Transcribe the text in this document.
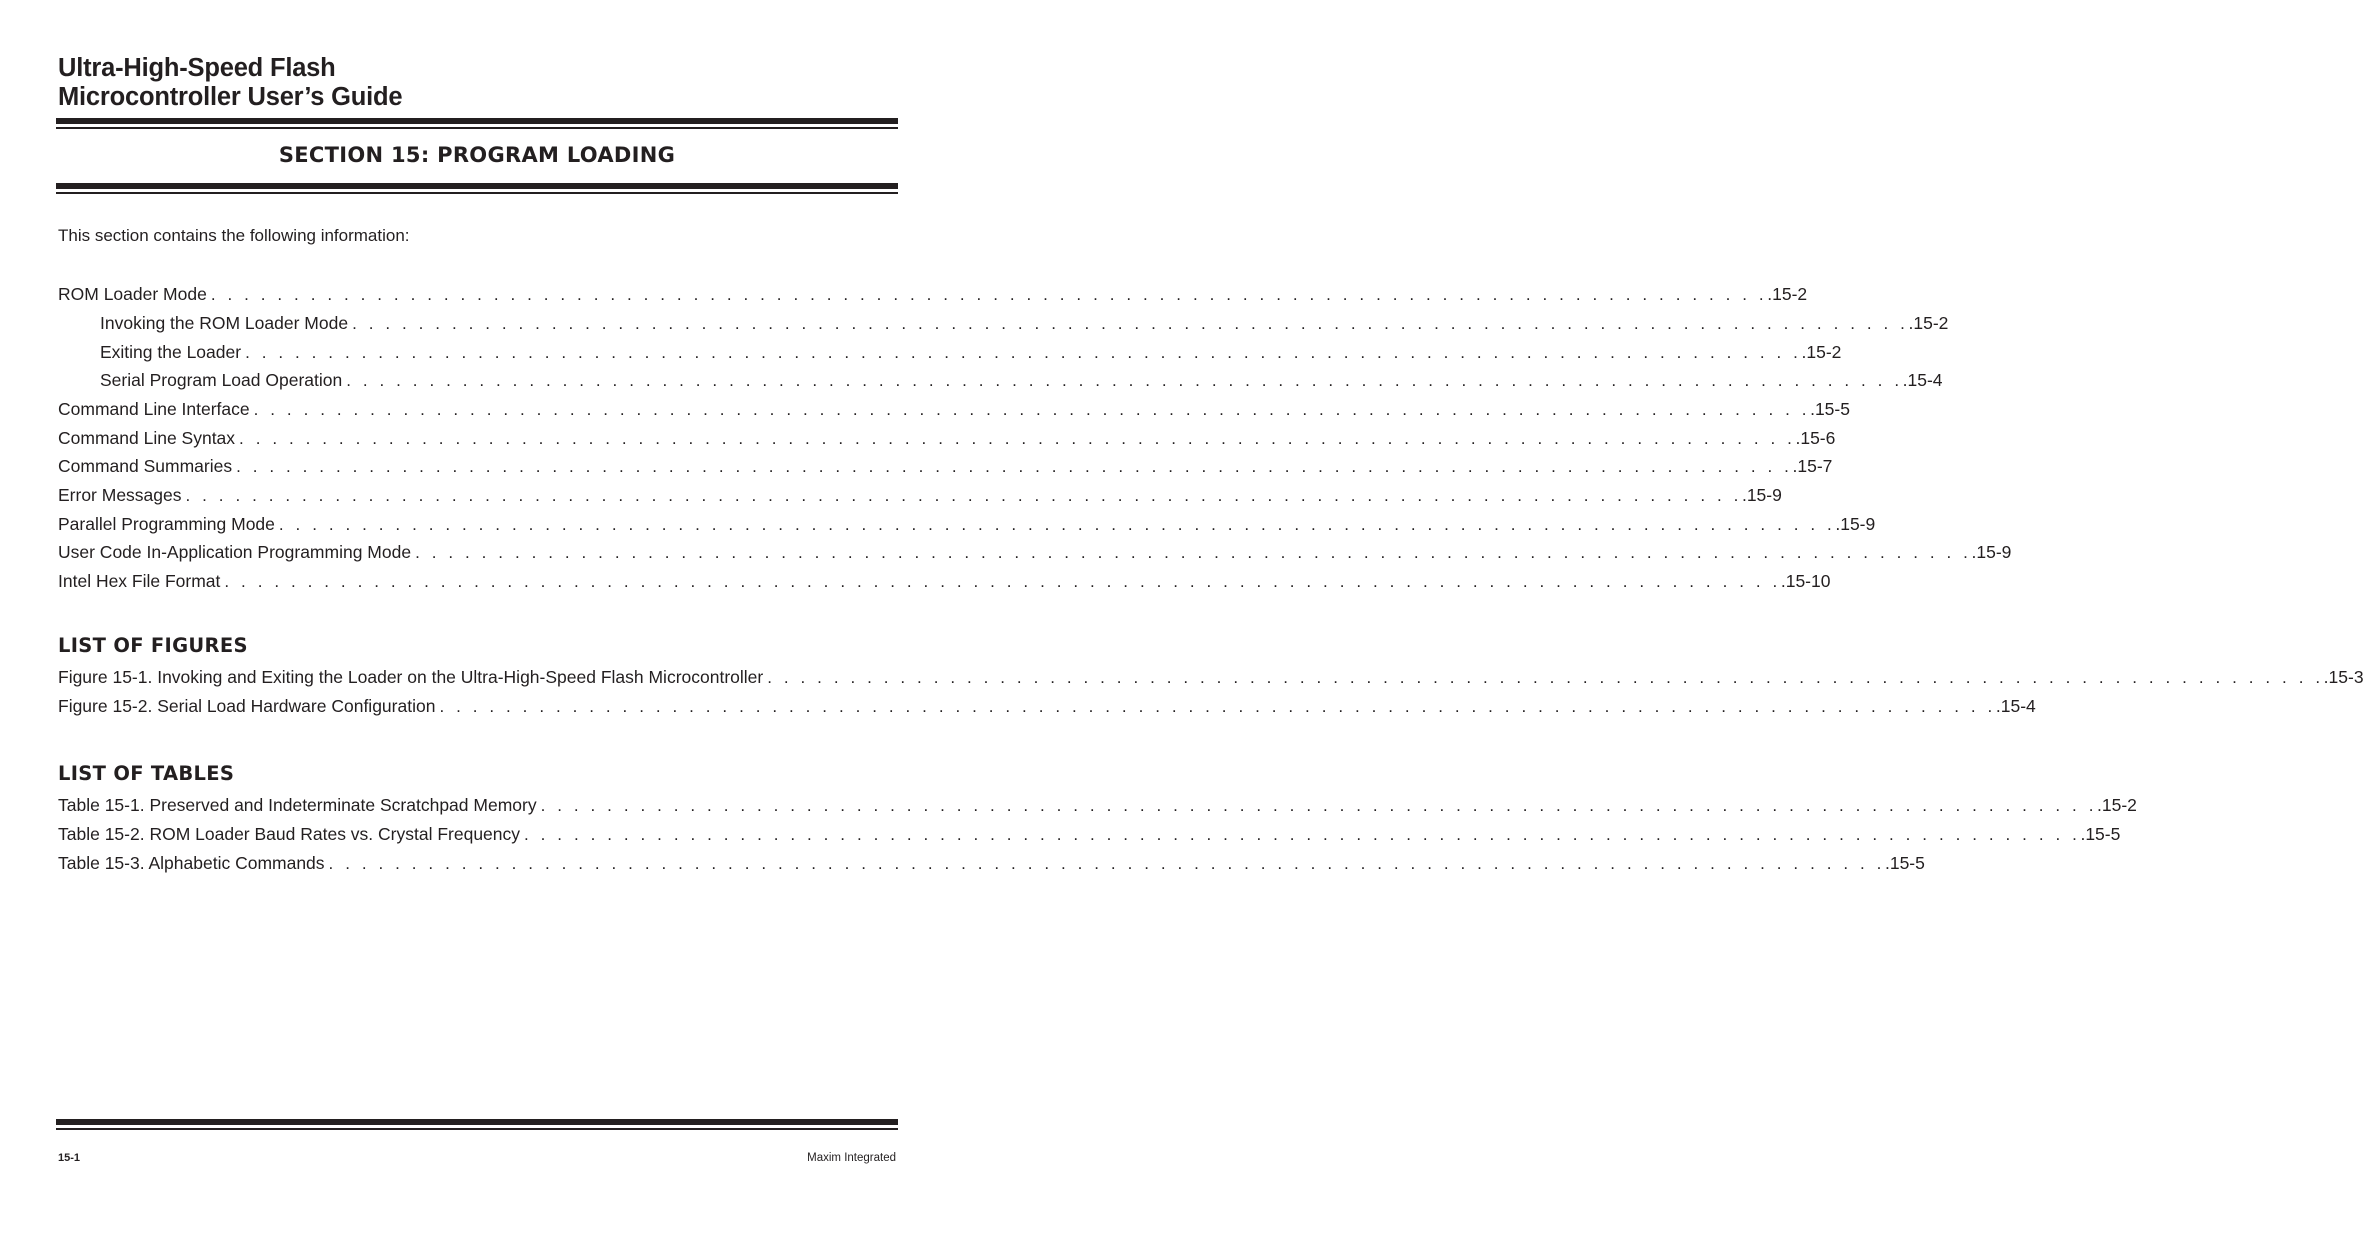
Ultra-High-Speed Flash
Microcontroller User’s Guide
SECTION 15: PROGRAM LOADING

This section contains the following information:

ROM Loader Mode . . . . . . . . . . . . . . . . . . . . . . . . . . . . . . . . . . . . . . . . . . . . . . . . . . . . . . . . . . . . . . . . . . . . . . . . . . . . . . . . . . . . . . . . . . . . . . .15-2
Invoking the ROM Loader Mode . . . . . . . . . . . . . . . . . . . . . . . . . . . . . . . . . . . . . . . . . . . . . . . . . . . . . . . . . . . . . . . . . . . . . . . . . . . . . . . . . . . . . . . . . . . . . . .15-2
Exiting the Loader . . . . . . . . . . . . . . . . . . . . . . . . . . . . . . . . . . . . . . . . . . . . . . . . . . . . . . . . . . . . . . . . . . . . . . . . . . . . . . . . . . . . . . . . . . . . . . .15-2
Serial Program Load Operation . . . . . . . . . . . . . . . . . . . . . . . . . . . . . . . . . . . . . . . . . . . . . . . . . . . . . . . . . . . . . . . . . . . . . . . . . . . . . . . . . . . . . . . . . . . . . . .15-4
Command Line Interface . . . . . . . . . . . . . . . . . . . . . . . . . . . . . . . . . . . . . . . . . . . . . . . . . . . . . . . . . . . . . . . . . . . . . . . . . . . . . . . . . . . . . . . . . . . . . . .15-5
Command Line Syntax . . . . . . . . . . . . . . . . . . . . . . . . . . . . . . . . . . . . . . . . . . . . . . . . . . . . . . . . . . . . . . . . . . . . . . . . . . . . . . . . . . . . . . . . . . . . . . .15-6
Command Summaries . . . . . . . . . . . . . . . . . . . . . . . . . . . . . . . . . . . . . . . . . . . . . . . . . . . . . . . . . . . . . . . . . . . . . . . . . . . . . . . . . . . . . . . . . . . . . . .15-7
Error Messages . . . . . . . . . . . . . . . . . . . . . . . . . . . . . . . . . . . . . . . . . . . . . . . . . . . . . . . . . . . . . . . . . . . . . . . . . . . . . . . . . . . . . . . . . . . . . . .15-9
Parallel Programming Mode . . . . . . . . . . . . . . . . . . . . . . . . . . . . . . . . . . . . . . . . . . . . . . . . . . . . . . . . . . . . . . . . . . . . . . . . . . . . . . . . . . . . . . . . . . . . . . .15-9
User Code In-Application Programming Mode . . . . . . . . . . . . . . . . . . . . . . . . . . . . . . . . . . . . . . . . . . . . . . . . . . . . . . . . . . . . . . . . . . . . . . . . . . . . . . . . . . . . . . . . . . . . . . .15-9
Intel Hex File Format . . . . . . . . . . . . . . . . . . . . . . . . . . . . . . . . . . . . . . . . . . . . . . . . . . . . . . . . . . . . . . . . . . . . . . . . . . . . . . . . . . . . . . . . . . . . . . .15-10
LIST OF FIGURES
Figure 15-1. Invoking and Exiting the Loader on the Ultra-High-Speed Flash Microcontroller . . . . . . . . . . . . . . . . . . . . . . . . . . . . . . . . . . . . . . . . . . . . . . . . . . . . . . . . . . . . . . . . . . . . . . . . . . . . . . . . . . . . . . . . . . . . . . .15-3
Figure 15-2. Serial Load Hardware Configuration . . . . . . . . . . . . . . . . . . . . . . . . . . . . . . . . . . . . . . . . . . . . . . . . . . . . . . . . . . . . . . . . . . . . . . . . . . . . . . . . . . . . . . . . . . . . . . .15-4
LIST OF TABLES
Table 15-1. Preserved and Indeterminate Scratchpad Memory . . . . . . . . . . . . . . . . . . . . . . . . . . . . . . . . . . . . . . . . . . . . . . . . . . . . . . . . . . . . . . . . . . . . . . . . . . . . . . . . . . . . . . . . . . . . . . .15-2
Table 15-2. ROM Loader Baud Rates vs. Crystal Frequency . . . . . . . . . . . . . . . . . . . . . . . . . . . . . . . . . . . . . . . . . . . . . . . . . . . . . . . . . . . . . . . . . . . . . . . . . . . . . . . . . . . . . . . . . . . . . . .15-5
Table 15-3. Alphabetic Commands . . . . . . . . . . . . . . . . . . . . . . . . . . . . . . . . . . . . . . . . . . . . . . . . . . . . . . . . . . . . . . . . . . . . . . . . . . . . . . . . . . . . . . . . . . . . . . .15-5
15-1	Maxim Integrated
